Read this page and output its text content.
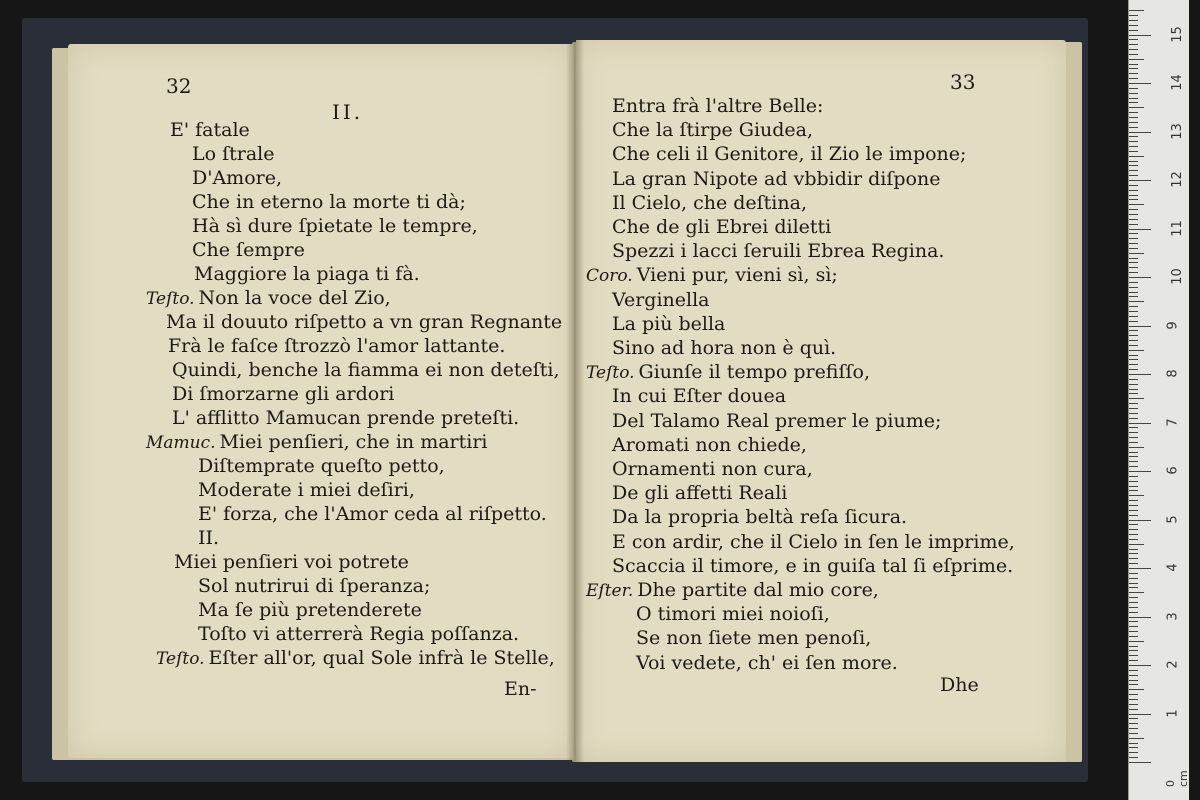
32
II.
E' fatale
Lo ſtrale
D'Amore,
Che in eterno la morte ti dà;
Hà sì dure ſpietate le tempre,
Che ſempre
Maggiore la piaga ti fà.
Teſto. Non la voce del Zio,
Ma il douuto riſpetto a vn gran Regnante
Frà le faſce ſtrozzò l'amor lattante.
Quindi, benche la fiamma ei non deteſti,
Di ſmorzarne gli ardori
L' afflitto Mamucan prende preteſti.
Mamuc. Miei penſieri, che in martiri
Diſtemprate queſto petto,
Moderate i miei deſiri,
E' forza, che l'Amor ceda al riſpetto.
II.
Miei penſieri voi potrete
Sol nutrirui di ſperanza;
Ma ſe più pretenderete
Toſto vi atterrerà Regia poſſanza.
Teſto. Eſter all'or, qual Sole infrà le Stelle,
En-
33
Entra frà l'altre Belle:
Che la ſtirpe Giudea,
Che celi il Genitore, il Zio le impone;
La gran Nipote ad vbbidir diſpone
Il Cielo, che deſtina,
Che de gli Ebrei diletti
Spezzi i lacci ſeruili Ebrea Regina.
Coro. Vieni pur, vieni sì, sì;
Verginella
La più bella
Sino ad hora non è quì.
Teſto. Giunſe il tempo prefiſſo,
In cui Eſter douea
Del Talamo Real premer le piume;
Aromati non chiede,
Ornamenti non cura,
De gli affetti Reali
Da la propria beltà reſa ſicura.
E con ardir, che il Cielo in ſen le imprime,
Scaccia il timore, e in guiſa tal ſi eſprime.
Eſter. Dhe partite dal mio core,
O timori miei noioſi,
Se non ſiete men penoſi,
Voi vedete, ch' ei ſen more.
Dhe
0 cm
1
2
3
4
5
6
7
8
9
10
11
12
13
14
15
